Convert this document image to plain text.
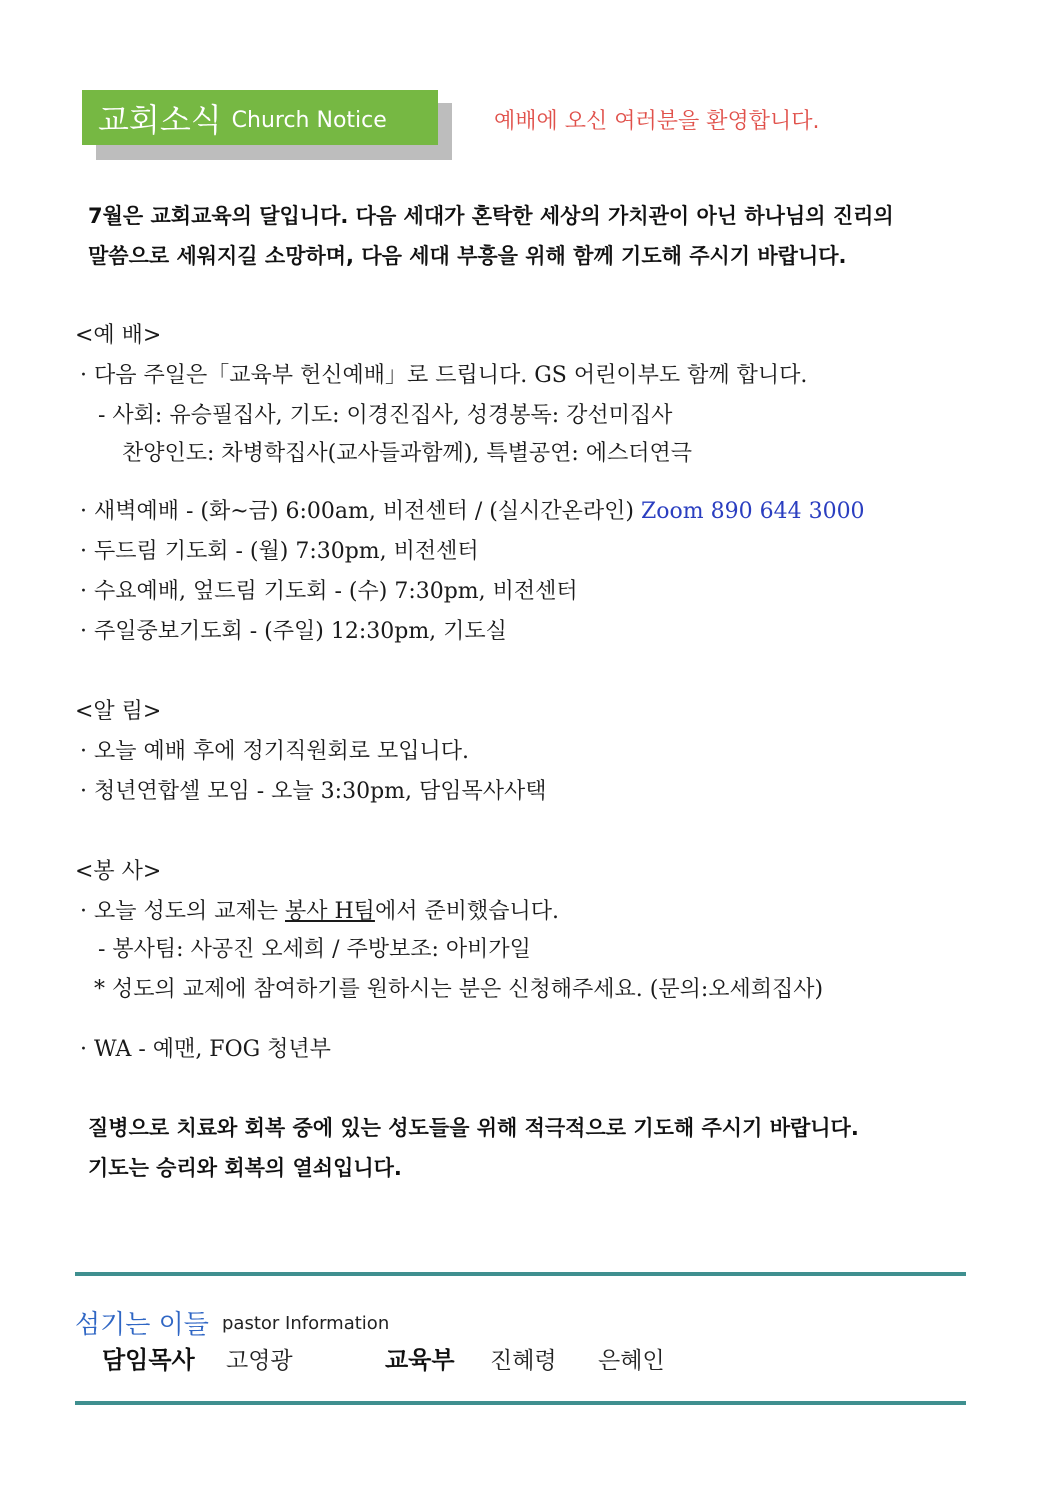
교회소식 Church Notice	예배에 오신 여러분을 환영합니다.
7월은 교회교육의 달입니다. 다음 세대가 혼탁한 세상의 가치관이 아닌 하나님의 진리의
말씀으로 세워지길 소망하며, 다음 세대 부흥을 위해 함께 기도해 주시기 바랍니다.
<예 배>
· 다음 주일은「교육부 헌신예배」로 드립니다. GS 어린이부도 함께 합니다.
- 사회: 유승필집사, 기도: 이경진집사, 성경봉독: 강선미집사
찬양인도: 차병학집사(교사들과함께), 특별공연: 에스더연극
· 새벽예배 - (화~금) 6:00am, 비전센터 / (실시간온라인) Zoom 890 644 3000
· 두드림 기도회 - (월) 7:30pm, 비전센터
· 수요예배, 엎드림 기도회 - (수) 7:30pm, 비전센터
· 주일중보기도회 - (주일) 12:30pm, 기도실
<알 림>
· 오늘 예배 후에 정기직원회로 모입니다.
· 청년연합셀 모임 - 오늘 3:30pm, 담임목사사택
<봉 사>
· 오늘 성도의 교제는 봉사 H팀에서 준비했습니다.
- 봉사팀: 사공진 오세희 / 주방보조: 아비가일
* 성도의 교제에 참여하기를 원하시는 분은 신청해주세요. (문의:오세희집사)
· WA - 예맨, FOG 청년부
질병으로 치료와 회복 중에 있는 성도들을 위해 적극적으로 기도해 주시기 바랍니다.
기도는 승리와 회복의 열쇠입니다.
섬기는 이들 pastor Information
담임목사 고영광	교육부 진혜령 은혜인
